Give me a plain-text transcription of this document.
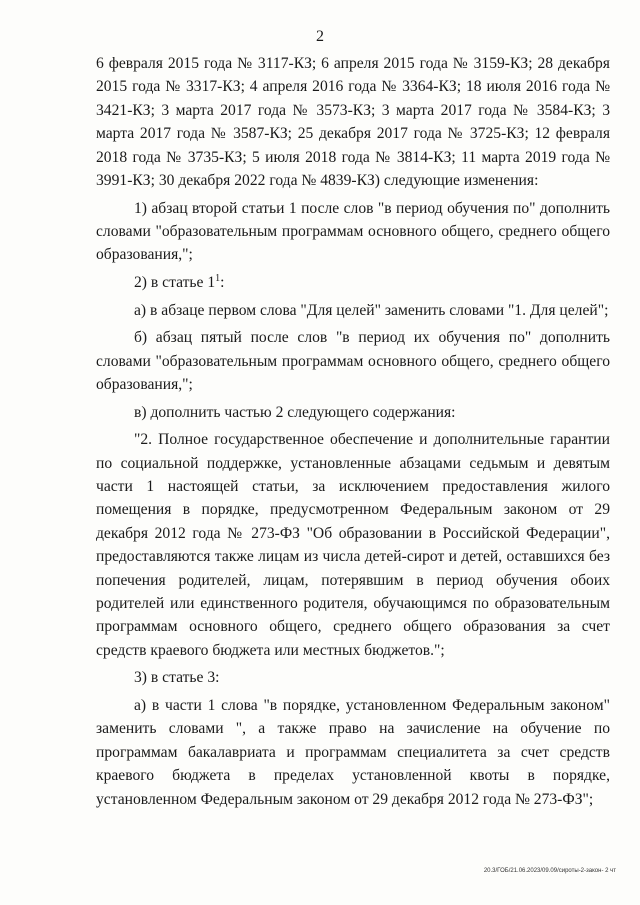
2

6 февраля 2015 года № 3117-КЗ; 6 апреля 2015 года № 3159-КЗ; 28 декабря 2015 года № 3317-КЗ; 4 апреля 2016 года № 3364-КЗ; 18 июля 2016 года № 3421-КЗ; 3 марта 2017 года № 3573-КЗ; 3 марта 2017 года № 3584-КЗ; 3 марта 2017 года № 3587-КЗ; 25 декабря 2017 года № 3725-КЗ; 12 февраля 2018 года № 3735-КЗ; 5 июля 2018 года № 3814-КЗ; 11 марта 2019 года № 3991-КЗ; 30 декабря 2022 года № 4839-КЗ) следующие изменения:

1) абзац второй статьи 1 после слов "в период обучения по" дополнить словами "образовательным программам основного общего, среднего общего образования,";

2) в статье $1^1$:

a) в абзаце первом слова "Для целей" заменить словами "1. Для целей";

б) абзац пятый после слов "в период их обучения по" дополнить словами "образовательным программам основного общего, среднего общего образования,";

в) дополнить частью 2 следующего содержания:

"2. Полное государственное обеспечение и дополнительные гарантии по социальной поддержке, установленные абзацами седьмым и девятым части 1 настоящей статьи, за исключением предоставления жилого помещения в порядке, предусмотренном Федеральным законом от 29 декабря 2012 года № 273-ФЗ "Об образовании в Российской Федерации", предоставляются также лицам из числа детей-сирот и детей, оставшихся без попечения родителей, лицам, потерявшим в период обучения обоих родителей или единственного родителя, обучающимся по образовательным программам основного общего, среднего общего образования за счет средств краевого бюджета или местных бюджетов.";

3) в статье 3:

а) в части 1 слова "в порядке, установленном Федеральным законом" заменить словами ", а также право на зачисление на обучение по программам бакалавриата и программам специалитета за счет средств краевого бюджета в пределах установленной квоты в порядке, установленном Федеральным законом от 29 декабря 2012 года № 273-ФЗ";

20.3/ГОБ/21.06.2023/09.09/сироты-2-закон- 2 чт
